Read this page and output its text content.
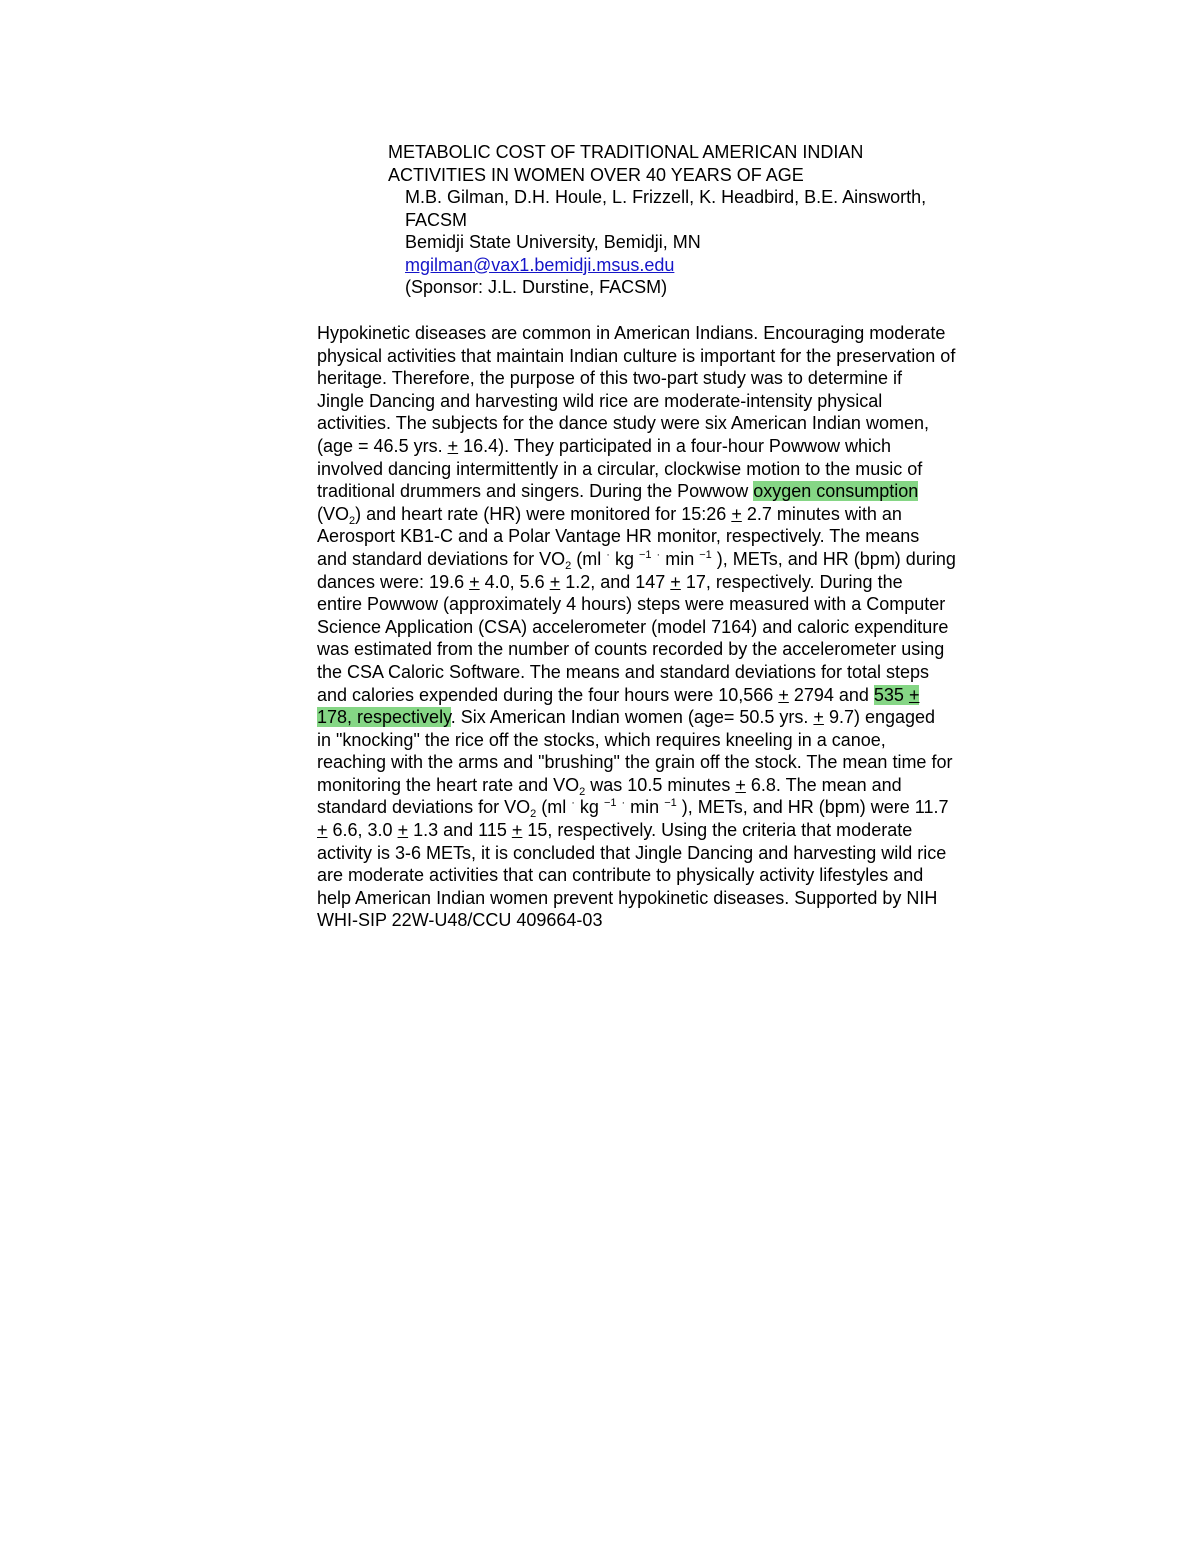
METABOLIC COST OF TRADITIONAL AMERICAN INDIAN
ACTIVITIES IN WOMEN OVER 40 YEARS OF AGE
M.B. Gilman, D.H. Houle, L. Frizzell, K. Headbird, B.E. Ainsworth,
FACSM
Bemidji State University, Bemidji, MN
mgilman@vax1.bemidji.msus.edu
(Sponsor: J.L. Durstine, FACSM)
Hypokinetic diseases are common in American Indians. Encouraging moderate
physical activities that maintain Indian culture is important for the preservation of
heritage. Therefore, the purpose of this two-part study was to determine if
Jingle Dancing and harvesting wild rice are moderate-intensity physical
activities. The subjects for the dance study were six American Indian women,
(age = 46.5 yrs. + 16.4). They participated in a four-hour Powwow which
involved dancing intermittently in a circular, clockwise motion to the music of
traditional drummers and singers. During the Powwow oxygen consumption
$(VO_2)$ and heart rate (HR) were monitored for 15:26 + 2.7 minutes with an
Aerosport KB1-C and a Polar Vantage HR monitor, respectively. The means
and standard deviations for $VO_2$ (ml · kg $^{-1}$ · min $^{-1}$ ), METs, and HR (bpm) during
dances were: 19.6 + 4.0, 5.6 + 1.2, and 147 + 17, respectively. During the
entire Powwow (approximately 4 hours) steps were measured with a Computer
Science Application (CSA) accelerometer (model 7164) and caloric expenditure
was estimated from the number of counts recorded by the accelerometer using
the CSA Caloric Software. The means and standard deviations for total steps
and calories expended during the four hours were 10,566 + 2794 and 535 +
178, respectively. Six American Indian women (age= 50.5 yrs. + 9.7) engaged
in "knocking" the rice off the stocks, which requires kneeling in a canoe,
reaching with the arms and "brushing" the grain off the stock. The mean time for
monitoring the heart rate and $VO_2$ was 10.5 minutes + 6.8. The mean and
standard deviations for $VO_2$ (ml · kg $^{-1}$ · min $^{-1}$ ), METs, and HR (bpm) were 11.7
+ 6.6, 3.0 + 1.3 and 115 + 15, respectively. Using the criteria that moderate
activity is 3-6 METs, it is concluded that Jingle Dancing and harvesting wild rice
are moderate activities that can contribute to physically activity lifestyles and
help American Indian women prevent hypokinetic diseases. Supported by NIH
WHI-SIP 22W-U48/CCU 409664-03
